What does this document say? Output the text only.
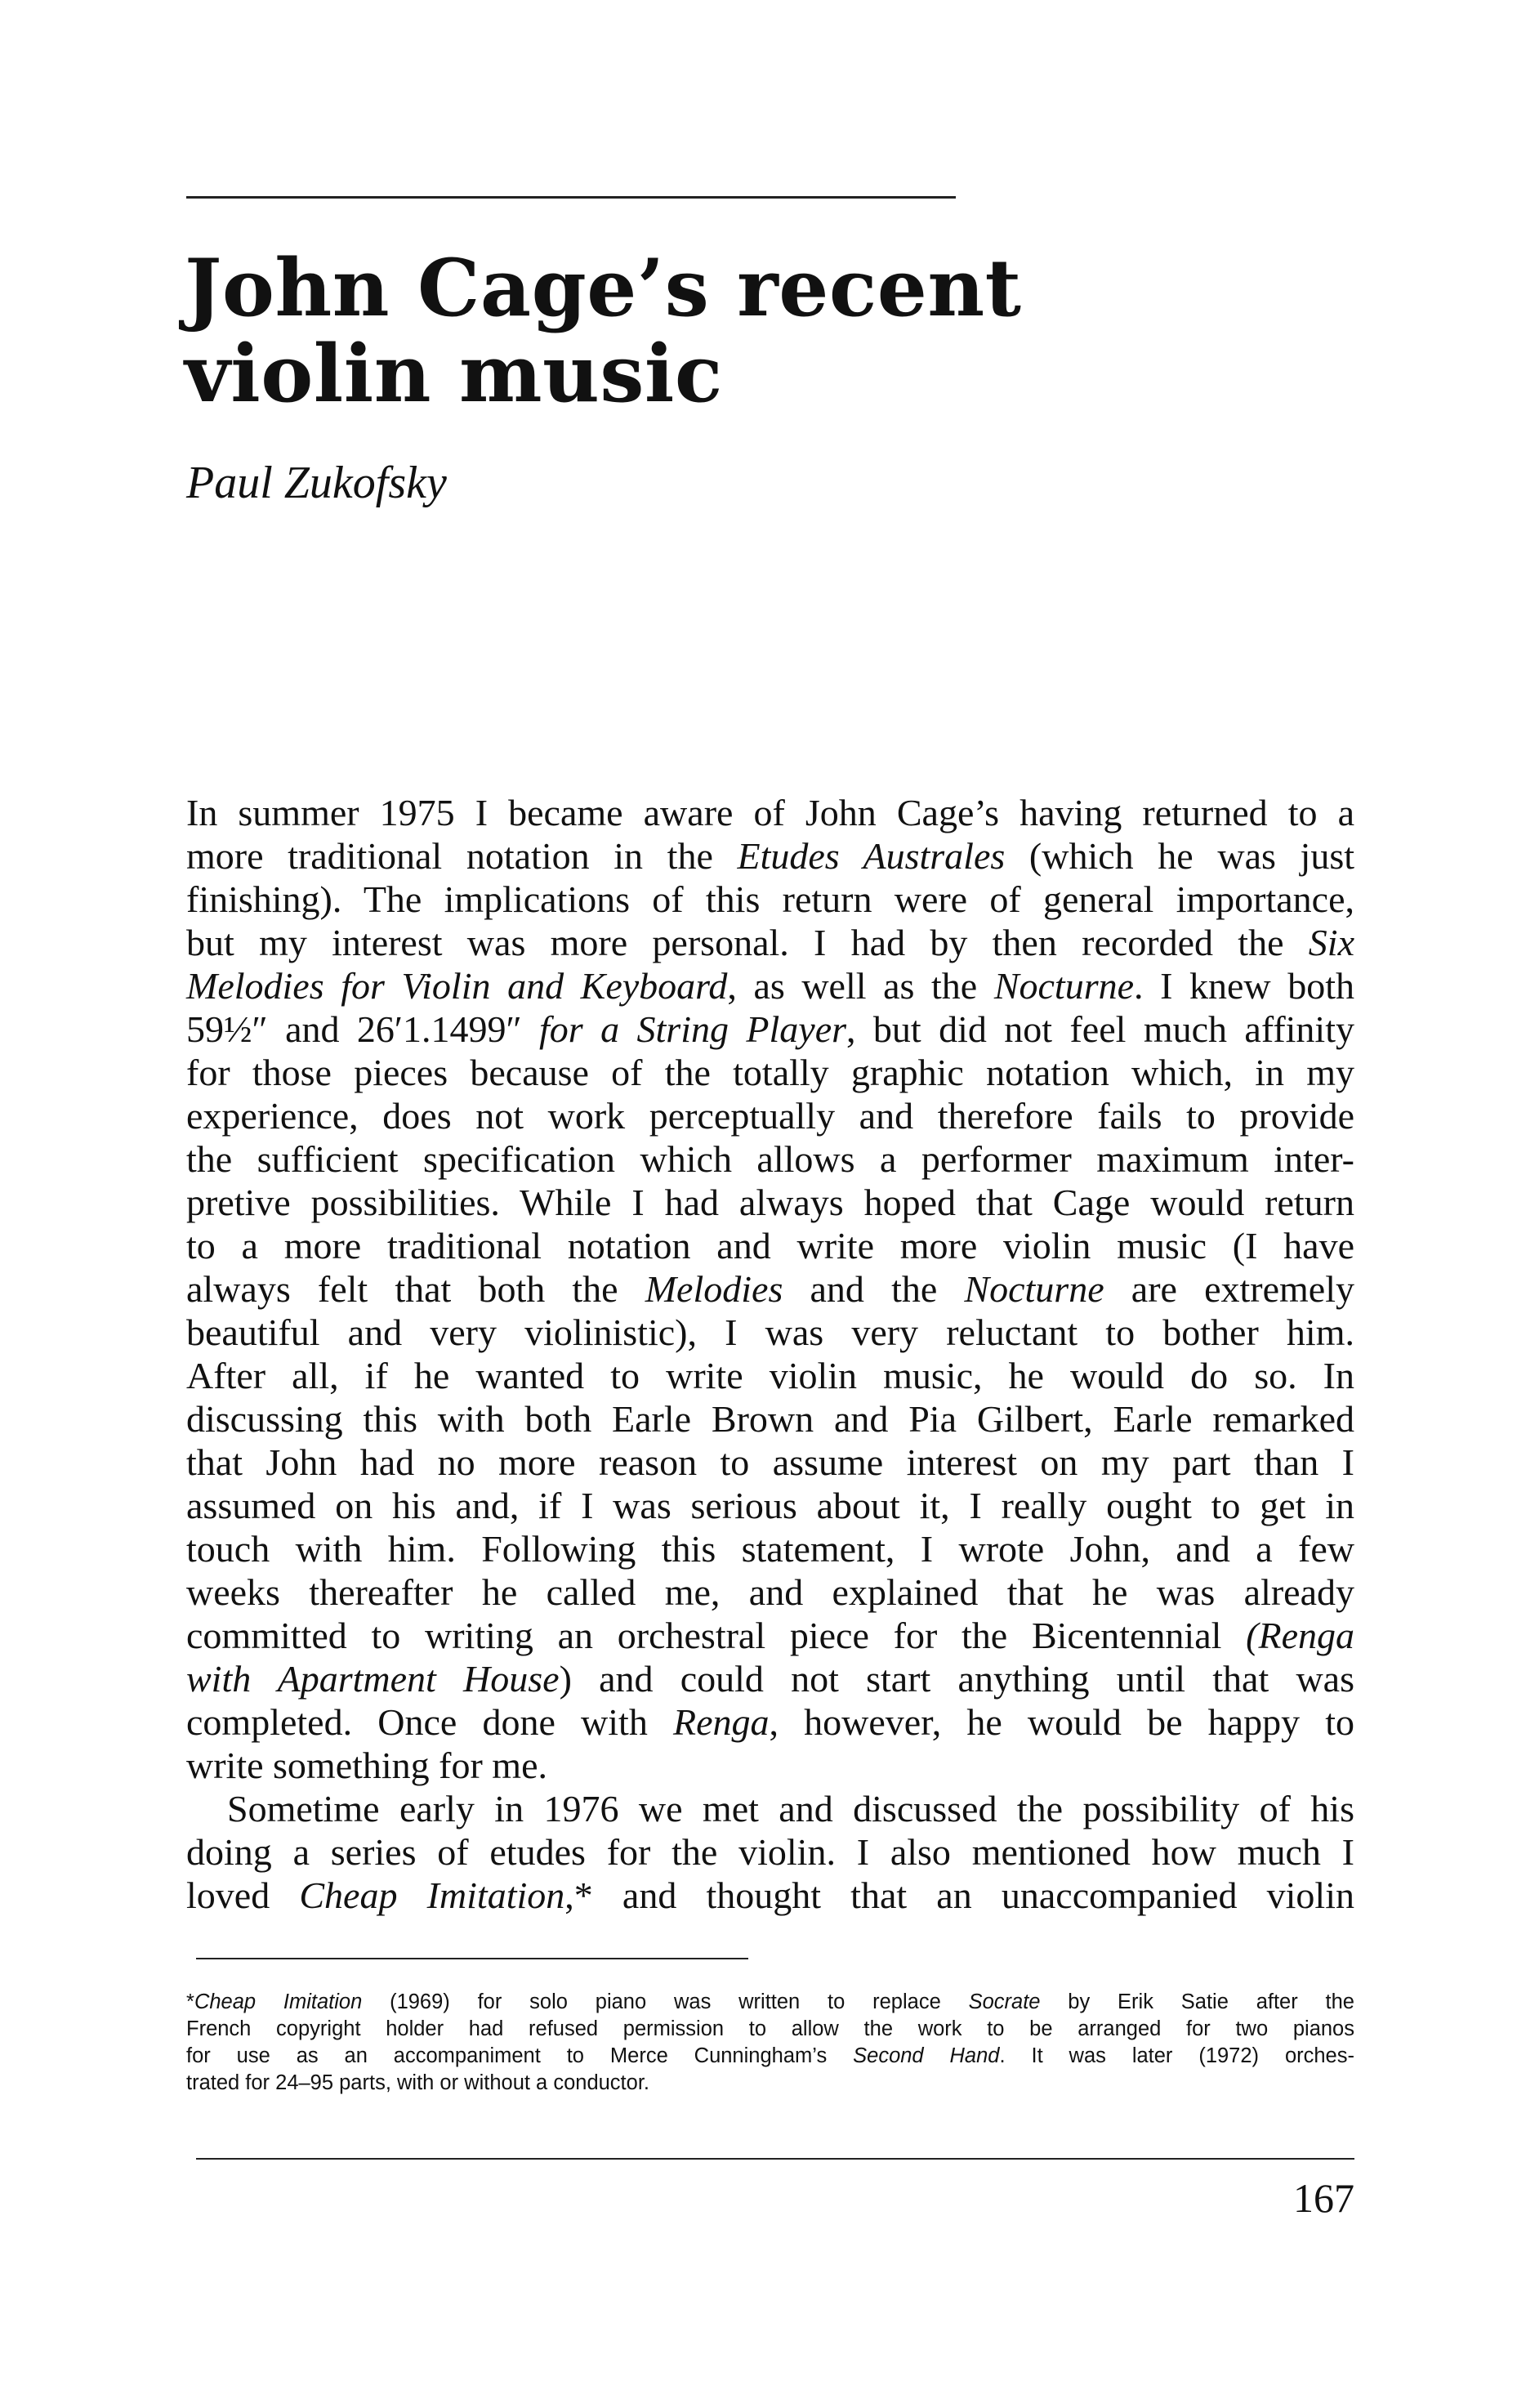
John Cage’s recent
violin music

Paul Zukofsky

In summer 1975 I became aware of John Cage’s having returned to a
more traditional notation in the Etudes Australes (which he was just
finishing). The implications of this return were of general importance,
but my interest was more personal. I had by then recorded the Six
Melodies for Violin and Keyboard, as well as the Nocturne. I knew both
59½″ and 26′1.1499″ for a String Player, but did not feel much affinity
for those pieces because of the totally graphic notation which, in my
experience, does not work perceptually and therefore fails to provide
the sufficient specification which allows a performer maximum inter-
pretive possibilities. While I had always hoped that Cage would return
to a more traditional notation and write more violin music (I have
always felt that both the Melodies and the Nocturne are extremely
beautiful and very violinistic), I was very reluctant to bother him.
After all, if he wanted to write violin music, he would do so. In
discussing this with both Earle Brown and Pia Gilbert, Earle remarked
that John had no more reason to assume interest on my part than I
assumed on his and, if I was serious about it, I really ought to get in
touch with him. Following this statement, I wrote John, and a few
weeks thereafter he called me, and explained that he was already
committed to writing an orchestral piece for the Bicentennial (Renga
with Apartment House) and could not start anything until that was
completed. Once done with Renga, however, he would be happy to
write something for me.
Sometime early in 1976 we met and discussed the possibility of his
doing a series of etudes for the violin. I also mentioned how much I
loved Cheap Imitation,* and thought that an unaccompanied violin
*Cheap Imitation (1969) for solo piano was written to replace Socrate by Erik Satie after the
French copyright holder had refused permission to allow the work to be arranged for two pianos
for use as an accompaniment to Merce Cunningham’s Second Hand. It was later (1972) orches-
trated for 24–95 parts, with or without a conductor.

167
